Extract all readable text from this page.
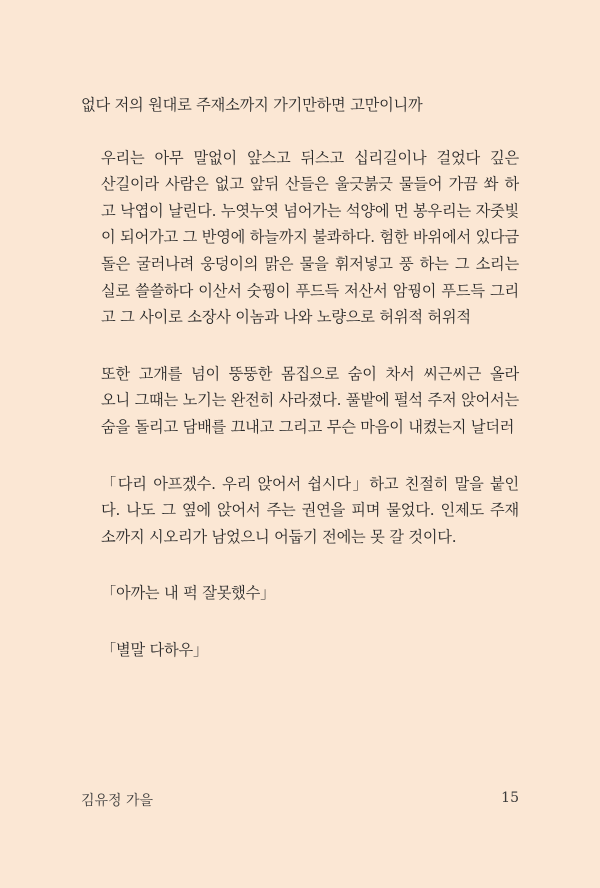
없다 저의 원대로 주재소까지 가기만하면 고만이니까

우리는 아무 말없이 앞스고 뒤스고 십리길이나 걸었다 깊은
산길이라 사람은 없고 앞뒤 산들은 울긋붉긋 물들어 가끔 쏴 하
고 낙엽이 날린다. 누엿누엿 넘어가는 석양에 먼 봉우리는 자줏빛
이 되어가고 그 반영에 하늘까지 불콰하다. 험한 바위에서 있다금
돌은 굴러나려 웅덩이의 맑은 물을 휘저넣고 풍 하는 그 소리는
실로 쓸쓸하다 이산서 숫꿩이 푸드득 저산서 암꿩이 푸드득 그리
고 그 사이로 소장사 이놈과 나와 노량으로 허위적 허위적

또한 고개를 넘이 뚱뚱한 몸집으로 숨이 차서 씨근씨근 올라
오니 그때는 노기는 완전히 사라졌다. 풀밭에 펄석 주저 앉어서는
숨을 돌리고 담배를 끄내고 그리고 무슨 마음이 내켰는지 날더러

「다리 아프겠수. 우리 앉어서 쉽시다」하고 친절히 말을 붙인
다. 나도 그 옆에 앉어서 주는 권연을 피며 물었다. 인제도 주재
소까지 시오리가 남었으니 어둡기 전에는 못 갈 것이다.

「아까는 내 퍽 잘못했수」

「별말 다하우」

김유정 가을	15
